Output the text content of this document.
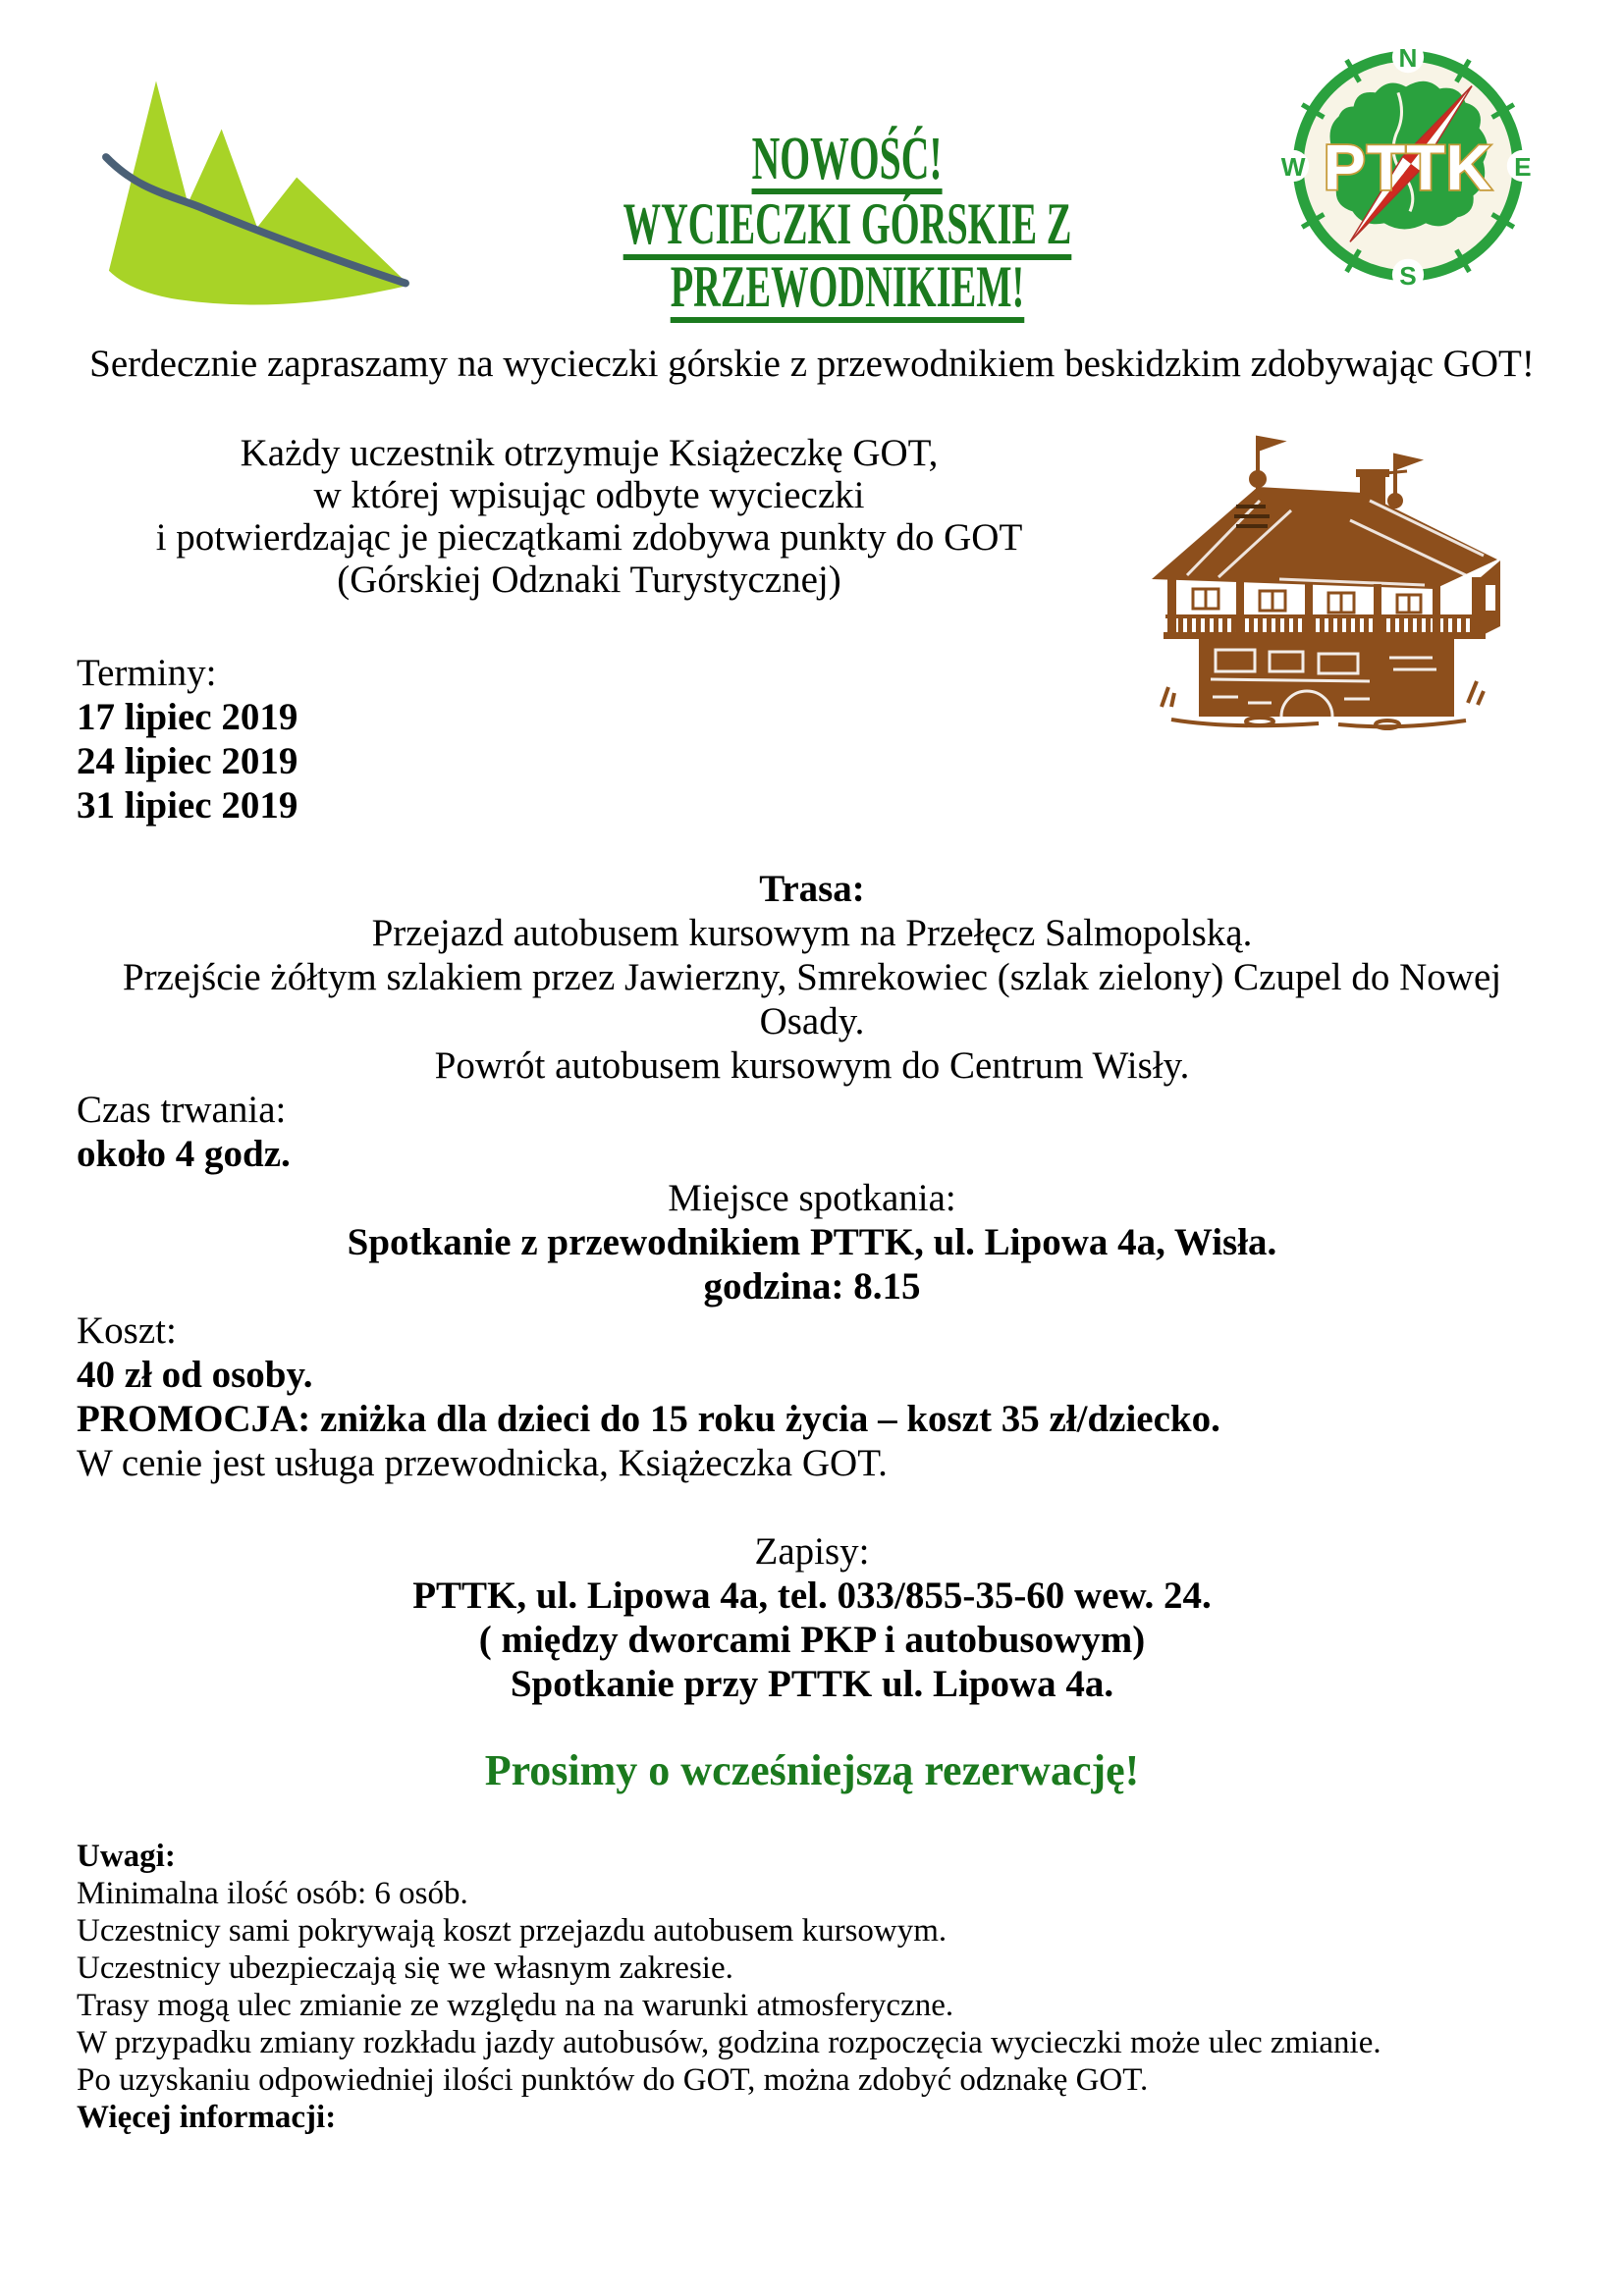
NOWOŚĆ!
WYCIECZKI GÓRSKIE Z PRZEWODNIKIEM!
N
E
S
W PTTK
Serdecznie zapraszamy na wycieczki górskie z przewodnikiem beskidzkim zdobywając GOT!
Każdy uczestnik otrzymuje Książeczkę GOT,
w której wpisując odbyte wycieczki
i potwierdzając je pieczątkami zdobywa punkty do GOT
(Górskiej Odznaki Turystycznej)
Terminy:
17 lipiec 2019
24 lipiec 2019
31 lipiec 2019
Trasa:
Przejazd autobusem kursowym na Przełęcz Salmopolską.
Przejście żółtym szlakiem przez Jawierzny, Smrekowiec (szlak zielony) Czupel do Nowej
Osady.
Powrót autobusem kursowym do Centrum Wisły.
Czas trwania:
około 4 godz.
Miejsce spotkania:
Spotkanie z przewodnikiem PTTK, ul. Lipowa 4a, Wisła.
godzina: 8.15
Koszt:
40 zł od osoby.
PROMOCJA: zniżka dla dzieci do 15 roku życia – koszt 35 zł/dziecko.
W cenie jest usługa przewodnicka, Książeczka GOT.
Zapisy:
PTTK, ul. Lipowa 4a, tel. 033/855-35-60 wew. 24.
( między dworcami PKP i autobusowym)
Spotkanie przy PTTK ul. Lipowa 4a.
Prosimy o wcześniejszą rezerwację!
Uwagi:
Minimalna ilość osób: 6 osób.
Uczestnicy sami pokrywają koszt przejazdu autobusem kursowym.
Uczestnicy ubezpieczają się we własnym zakresie.
Trasy mogą ulec zmianie ze względu na na warunki atmosferyczne.
W przypadku zmiany rozkładu jazdy autobusów, godzina rozpoczęcia wycieczki może ulec zmianie.
Po uzyskaniu odpowiedniej ilości punktów do GOT, można zdobyć odznakę GOT.
Więcej informacji:
